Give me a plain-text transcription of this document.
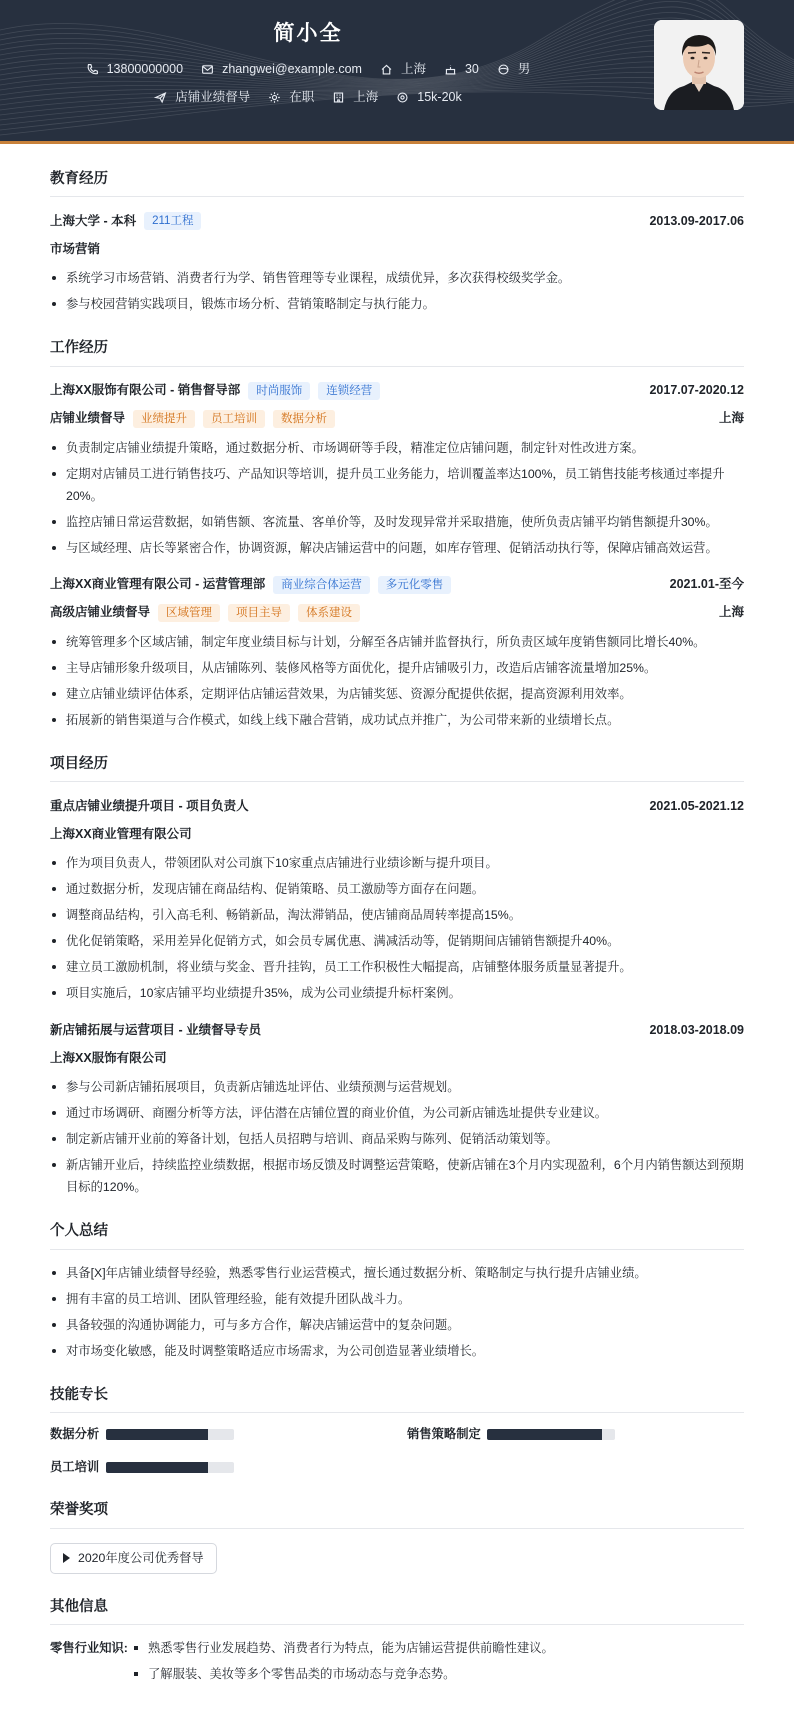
简小全
13800000000	zhangwei@example.com	上海	30	男
店铺业绩督导	在职	上海	15k-20k
教育经历
上海大学 - 本科	211工程	2013.09-2017.06
市场营销
系统学习市场营销、消费者行为学、销售管理等专业课程，成绩优异，多次获得校级奖学金。
参与校园营销实践项目，锻炼市场分析、营销策略制定与执行能力。
工作经历
上海XX服饰有限公司 - 销售督导部	时尚服饰	连锁经营	2017.07-2020.12
店铺业绩督导	业绩提升	员工培训	数据分析	上海
负责制定店铺业绩提升策略，通过数据分析、市场调研等手段，精准定位店铺问题，制定针对性改进方案。
定期对店铺员工进行销售技巧、产品知识等培训，提升员工业务能力，培训覆盖率达100%，员工销售技能考核通过率提升20%。
监控店铺日常运营数据，如销售额、客流量、客单价等，及时发现异常并采取措施，使所负责店铺平均销售额提升30%。
与区域经理、店长等紧密合作，协调资源，解决店铺运营中的问题，如库存管理、促销活动执行等，保障店铺高效运营。
上海XX商业管理有限公司 - 运营管理部	商业综合体运营	多元化零售	2021.01-至今
高级店铺业绩督导	区域管理	项目主导	体系建设	上海
统筹管理多个区域店铺，制定年度业绩目标与计划，分解至各店铺并监督执行，所负责区域年度销售额同比增长40%。
主导店铺形象升级项目，从店铺陈列、装修风格等方面优化，提升店铺吸引力，改造后店铺客流量增加25%。
建立店铺业绩评估体系，定期评估店铺运营效果，为店铺奖惩、资源分配提供依据，提高资源利用效率。
拓展新的销售渠道与合作模式，如线上线下融合营销，成功试点并推广，为公司带来新的业绩增长点。
项目经历
重点店铺业绩提升项目 - 项目负责人	2021.05-2021.12
上海XX商业管理有限公司
作为项目负责人，带领团队对公司旗下10家重点店铺进行业绩诊断与提升项目。
通过数据分析，发现店铺在商品结构、促销策略、员工激励等方面存在问题。
调整商品结构，引入高毛利、畅销新品，淘汰滞销品，使店铺商品周转率提高15%。
优化促销策略，采用差异化促销方式，如会员专属优惠、满减活动等，促销期间店铺销售额提升40%。
建立员工激励机制，将业绩与奖金、晋升挂钩，员工工作积极性大幅提高，店铺整体服务质量显著提升。
项目实施后，10家店铺平均业绩提升35%，成为公司业绩提升标杆案例。
新店铺拓展与运营项目 - 业绩督导专员	2018.03-2018.09
上海XX服饰有限公司
参与公司新店铺拓展项目，负责新店铺选址评估、业绩预测与运营规划。
通过市场调研、商圈分析等方法，评估潜在店铺位置的商业价值，为公司新店铺选址提供专业建议。
制定新店铺开业前的筹备计划，包括人员招聘与培训、商品采购与陈列、促销活动策划等。
新店铺开业后，持续监控业绩数据，根据市场反馈及时调整运营策略，使新店铺在3个月内实现盈利，6个月内销售额达到预期目标的120%。
个人总结
具备[X]年店铺业绩督导经验，熟悉零售行业运营模式，擅长通过数据分析、策略制定与执行提升店铺业绩。
拥有丰富的员工培训、团队管理经验，能有效提升团队战斗力。
具备较强的沟通协调能力，可与多方合作，解决店铺运营中的复杂问题。
对市场变化敏感，能及时调整策略适应市场需求，为公司创造显著业绩增长。
技能专长
数据分析	销售策略制定
员工培训
荣誉奖项
2020年度公司优秀督导
其他信息
零售行业知识:	熟悉零售行业发展趋势、消费者行为特点，能为店铺运营提供前瞻性建议。
了解服装、美妆等多个零售品类的市场动态与竞争态势。
